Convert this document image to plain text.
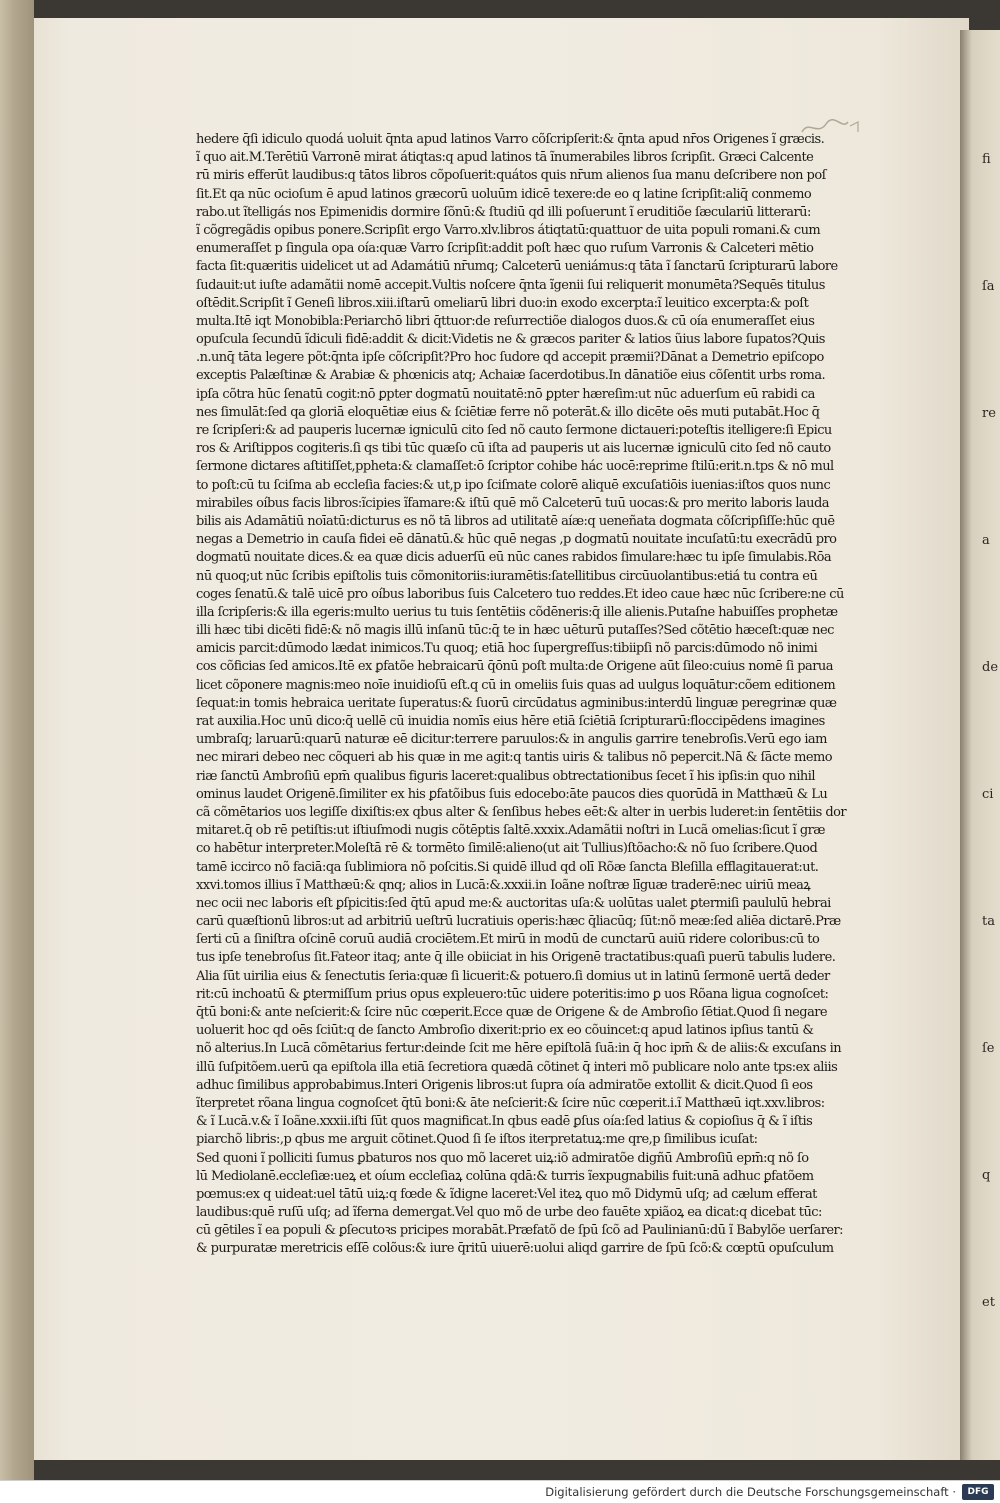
fi
ſa
re
a
de
ci
ta
ſe
q
et
hedere q̄ſi idiculo quodá uoluit q̄nta apud latinos Varro cõſcripſerit:& q̄nta apud nr̄os Origenes ĩ græcis.
ĩ quo ait.M.Terētiū Varronē mirat̄ átiqtas:q apud latinos tā ĩnumerabiles libros ſcripſit. Græci Calcente
rū miris efferūt laudibus:q tātos libros cõpoſuerit:quátos quis nr̄um alienos ſua manu deſcribere non poſ
ſit.Et qa nūc ocioſum ē apud latinos græcorū uoluūm idicē texere:de eo q latine ſcripſit:aliq̄ conmemo
rabo.ut ĩtelligás nos Epimenidis dormire ſõnū:& ſtudiū qd̄ illi poſuerunt ĩ eruditiõe ſæculariū litterarū:
ĩ cõgregãdis opibus ponere.Scripſit ergo Varro.xlv.libros átiqtatū:quattuor de uita populi romani.& cum
enumeraſſet p ſingula opa oía:quæ Varro ſcripſit:addit poſt hæc quo ruſum Varronis & Calceteri mētio
facta ſit:quæritis uidelicet ut ad Adamátiū nr̄umq; Calceterū ueniámus:q tāta ĩ ſanctarū ſcripturarū labore
ſudauit:ut iuſte adamãtii nomē accepit.Vultis noſcere q̄nta ĩgenii ſui reliquerit monumēta?Sequēs titulus
oſtēdit.Scripſit ĩ Geneſi libros.xiii.iſtarū omeliarū libri duo:in exodo excerpta:ĩ leuitico excerpta:& poſt
multa.Itē iqt Monobibla:Periarchō libri q̄ttuor:de reſurrectiõe dialogos duos.& cū oía enumeraſſet eius
opuſcula ſecundū ĩdiculi fidē:addit & dicit:Videtis ne & græcos pariter & latios ũius labore ſupatos?Quis
.n.unq̄ tāta legere põt:q̄nta ipſe cõſcripſit?Pro hoc ſudore qd accepit præmii?Dānat̄ a Demetrio epiſcopo
exceptis Palæſtinæ & Arabiæ & phœnicis atq; Achaiæ ſacerdotibus.In dānatiõe eius cõſentit urbs roma.
ipſa cõtra hūc ſenatū cogit:nō ꝑpter dogmatū nouitatē:nō ꝑpter hæreſim:ut nūc aduerſum eū rabidi ca
nes ſimulāt:ſed qa gloriā eloquētiæ eius & ſciētiæ ferre nõ poterāt.& illo dicēte oēs muti putabāt̄.Hoc q̄
re ſcripſeri:& ad pauperis lucernæ igniculū cito ſed nõ cauto ſermone dictaueri:poteſtis itelligere:ſi Epicu
ros & Ariſtippos cogiteris.ſi qs tibi tūc quæſo cū iſta ad pauperis ut ais lucernæ igniculū cito ſed nõ cauto
ſermone dictares aſtitiſſet,ppheta:& clamaſſet:ō ſcriptor cohibe hác uocē:reprime ſtilū:erit.n.tps & nō mul
to poſt:cū tu ſciſma ab eccleſia facies:& ut,p ipo ſciſmate colorē aliquē excuſatiōis iuenias:iſtos quos nunc
mirabiles oíbus facis libros:ĩcipies ĩfamare:& iſtū quē mõ Calceterū tuū uocas:& pro merito laboris lauda
bilis ais Adamātiū noīatū:dicturus es nõ tā libros ad utilitatē aíæ:q ueneñata dogmata cõſcripſiſſe:hūc quē
negas a Demetrio in cauſa fidei eē dānatū.& hūc quē negas ,p dogmatū nouitate incuſatū:tu execrādū pro
dogmatū nouitate dices.& ea quæ dicis aduerſū eū nūc canes rabidos ſimulare:hæc tu ipſe ſimulabis.Rōa
nū quoq;ut nūc ſcribis epiſtolis tuis cõmonitoriis:iuramētis:ſatellitibus circūuolantibus:etiá tu contra eū
coges ſenatū.& talē uicē pro oíbus laboribus ſuis Calcetero tuo reddes.Et ideo caue hæc nūc ſcribere:ne cū
illa ſcripſeris:& illa egeris:multo uerius tu tuis ſentētiis cõdēneris:q̄ ille alienis.Putaſne habuiſſes prophetæ
illi hæc tibi dicēti fidē:& nõ magis illū inſanū tūc:q̄ te in hæc uēturū putaſſes?Sed cõtētio hæceſt:quæ nec
amicis parcit:dūmodo lædat inimicos.Tu quoq; etiā hoc ſupergreſſus:tibiipſi nõ parcis:dūmodo nõ inimi
cos cõficias ſed amicos.Itē ex ꝑfatõe hebraicarū q̄ōnū poſt multa:de Origene aūt ſileo:cuius nomē ſi parua
licet cõponere magnis:meo noīe inuidioſū eſt.q cū in omeliis ſuis quas ad uulgus loquātur:cõem editionem
ſequat̄:in tomis hebraica ueritate ſuperatus:& ſuorū circūdatus agminibus:interdū linguæ peregrinæ quæ
rat auxilia.Hoc unū dico:q̄ uellē cū inuidia nomīs eius hēre etiā ſciētiā ſcripturarū:floccipēdens imagines
umbraſq; laruarū:quarū naturæ eē dicitur:terrere paruulos:& in angulis garrire tenebroſis.Verū ego iam
nec mirari debeo nec cõqueri ab his quæ in me agit:q tantis uiris & talibus nõ pepercit.Nā & ſācte memo
riæ ſanctū Ambroſiū epm̄ qualibus figuris laceret:qualibus obtrectationibus ſecet ĩ his ipſis:in quo nihil
ominus laudet Origenē.ſimiliter ex his ꝑfatõibus ſuis edocebo:āte paucos dies quorūdā in Matthæū & Lu
cã cõmētarios uos legiſſe dixiſtis:ex qbus alter & ſenſibus hebes eēt:& alter in uerbis luderet:in ſentētiis dor
mitaret.q̄ ob rē petiſtis:ut iſtiuſmodi nugis cõtēptis ſaltē.xxxix.Adamãtii noſtri in Lucã omelias:ſicut ĩ græ
co habētur interpreter.Moleſtā rē & tormēto ſimilē:alieno(ut ait Tullius)ſtõacho:& nõ ſuo ſcribere.Quod
tamē iccirco nõ faciā:qa ſublimiora nõ poſcitis.Si quidē illud qd̄ olī Rõæ ſancta Bleſilla efflagitauerat:ut.
xxvi.tomos illius ĩ Matthæū:& qnq; alios in Lucā:&.xxxii.in Ioãne noſtræ līguæ traderē:nec uiriū meaꝝ
nec ocii nec laboris eſt ꝑſpicitis:ſed q̄tū apud me:& auctoritas uſa:& uolūtas ualet ꝑtermiſi paululū hebrai
carū quæſtionū libros:ut ad arbitriū ueſtrū lucratiuis operis:hæc q̄liacūq; ſūt:nõ meæ:ſed aliēa dictarē.Præ
ſerti cū a ſiniſtra oſcinē coruū audiā crociētem.Et mirū in modū de cunctarū auiū ridere coloribus:cū to
tus ipſe tenebroſus ſit.Fateor itaq; ante q̄ ille obiiciat in his Origenē tractatibus:quaſi puerū tabulis ludere.
Alia ſūt uirilia eius & ſenectutis ſeria:quæ ſi licuerit:& potuero.ſi domius ut in latinū ſermonē uertã deder
rit:cū inchoatū & ꝑtermiſſum prius opus expleuero:tūc uidere poteritis:imo ꝑ uos Rõana ligua cognoſcet:
q̄tū boni:& ante neſcierit:& ſcire nūc cœperit.Ecce quæ de Origene & de Ambroſio ſētiat.Quod ſi negare
uoluerit hoc qd̄ oēs ſciūt:q de ſancto Ambroſio dixerit:prio ex eo cõuincet̄:q apud latinos ipſius tantū &
nõ alterius.In Lucā cõmētarius fertur:deinde ſcit me hēre epiſtolā ſuā:in q̄ hoc ipm̄ & de aliis:& excuſans in
illū ſuſpitõem.uerū qa epiſtola illa etiā ſecretiora quædā cõtinet q̄ interi mõ publicare nolo ante tps:ex aliis
adhuc ſimilibus approbabimus.Interi Origenis libros:ut ſupra oía admiratõe extollit & dicit.Quod ſi eos
ĩterpretet̄ rõana lingua cognoſcet q̄tū boni:& āte neſcierit:& ſcire nūc cœperit.i.ĩ Matthæū iqt.xxv.libros:
& ĩ Lucā.v.& ĩ Ioãne.xxxii.iſti ſūt quos magnificat.In qbus eadē ꝑſus oía:ſed latius & copioſius q̄ & ĩ iſtis
piarchõ libris:,p qbus me arguit cõtinet.Quod ſi ſe iſtos iterpretatuꝝ:me qre,p ſimilibus icuſat:
Sed quoni ĩ polliciti ſumus ꝑbaturos nos quo mõ laceret uiꝝ:iõ admiratõe digñū Ambroſiū epm̄:q nõ ſo
lū Mediolanē.eccleſiæ:ueꝝ et oíum eccleſiaꝝ colūna qdā:& turris ĩexpugnabilis fuit:unā adhuc ꝑfatõem
pœmus:ex q uideat:uel tātū uiꝝ:q fœde & ĩdigne laceret:Vel iteꝝ quo mõ Didymū uſq; ad cælum efferat
laudibus:quē ruſū uſq; ad ĩferna demergat.Vel quo mõ de urbe deo fauēte xpiãoꝝ ea dicat:q dicebat tūc:
cū gētiles ĩ ea populi & ꝑſecutoꝛs pricipes morabāt̄.Præfatõ de ſpū ſcõ ad Paulinianū:dū ĩ Babylõe uerſarer:
& purpuratæ meretricis eſſē colõus:& iure q̄ritū uiuerē:uolui aliqd garrire de ſpū ſcõ:& cœptū opuſculum
Digitalisierung gefördert durch die Deutsche Forschungsgemeinschaft ·	DFG
